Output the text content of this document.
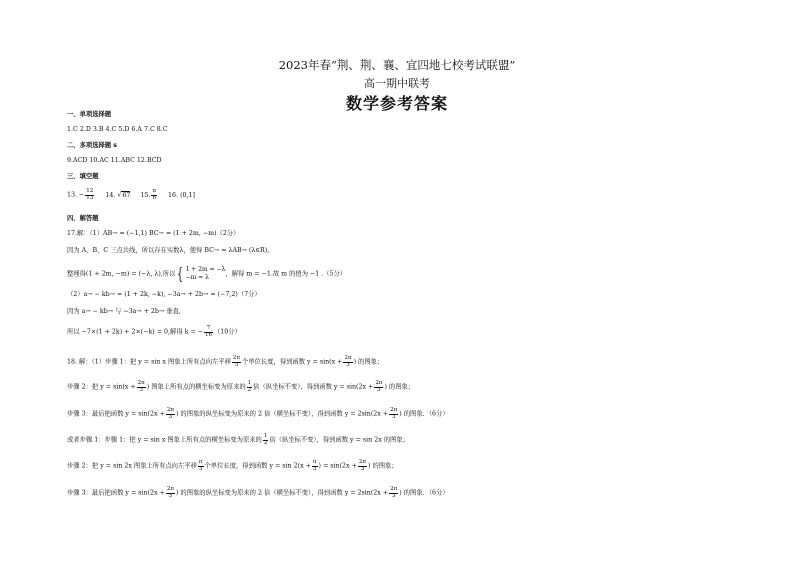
2023年春“荆、荆、襄、宜四地七校考试联盟”
高一期中联考
数学参考答案
一、单项选择题
1.C 2.D 3.B 4.C 5.D 6.A 7.C 8.C
二、多项选择题 s
9.ACD 10.AC 11.ABC 12.BCD
三、填空题
13. − $\frac{12}{13} 14$. √67 15. $\frac{\pi}{6} 16$. (0,1]
四、解答题
17.解：（1）AB→ = (−1,1) BC→ = (1 + 2m, −m)（2分）
因为 A，B，C 三点共线，所以存在实数λ，使得 BC→ = λAB→ (λ∈R),
整理得(1 + 2m, −m) = (−λ, λ),所以 { 1 + 2m = −λ
−m = λ	，解得 m = −1.故 m 的值为 −1 .（5分）
（2）a→ − kb→ = (1 + 2k, −k), −3a→ + 2b→ = (−7,2)（7分）
因为 a→ − kb→ 与 −3a→ + 2b→ 垂直,
所以 −7×(1 + 2k) + 2×(−k) = 0,解得 k = − $\frac{7}{16} (10$分）
18. 解：（1）步骤 1：把 y = sin x 图象上所有点向左平移 $\frac{2\pi}{3}$ 个单位长度，得到函数 $y = \sin(x + \frac{2\pi}{3}$ ) 的图象；
步骤 2：把 $y = \sin(x + \frac{2\pi}{3}$ ) 图象上所有点的横坐标变为原来的 $\frac{1}{2}$ 倍（纵坐标不变），得到函数 $y = \sin(2x + \frac{2\pi}{3}$ ) 的图象；
步骤 3：最后把函数 $y = \sin(2x + \frac{2\pi}{3}$ ) 的图象的纵坐标变为原来的 2 倍（横坐标不变），得到函数 $y = 2\sin(2x + \frac{2\pi}{3}$ ) 的图象．（6分）
或者步骤 1：步骤 1：把 y = sin x 图象上所有点的横坐标变为原来的 $\frac{1}{2}$ 倍（纵坐标不变），得到函数 y = sin 2x 的图象；
步骤 2：把 y = sin 2x 图象上所有点向左平移 $\frac{\pi}{3}$ 个单位长度，得到函数 $y = \sin 2(x + \frac{\pi}{3}$ ) = $\sin(2x + \frac{2\pi}{3}$ ) 的图象；
步骤 3：最后把函数 $y = \sin(2x + \frac{2\pi}{3}$ ) 的图象的纵坐标变为原来的 2 倍（横坐标不变），得到函数 $y = 2\sin(2x + \frac{2\pi}{3}$ ) 的图象．（6分）
